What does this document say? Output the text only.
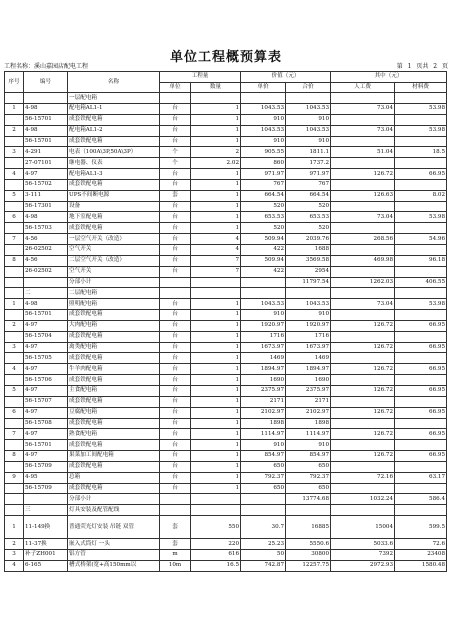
单位工程概预算表
工程名称：溪山嘉园店配电工程	第 1 页共 2 页
序号	编号	名称	工程量		价值（元）		其中（元）	
			单位	数量	单价	合价	人工费	材料费
		一层配电箱						
1	4-98	配电箱AL1-1	台	1	1043.53	1043.53	73.04	53.98
	56-15701	成套铁配电箱	台	1	910	910		
2	4-98	配电箱AL1-2	台	1	1043.53	1043.53	73.04	53.98
	56-15701	成套铁配电箱	台	1	910	910		
3	4-291	电表（100A\3P,50A\3P）	个	2	905.55	1811.1	51.04	18.5
	27-07101	继电器、仪表	个	2.02	860	1737.2		
4	4-97	配电箱AL1-3	台	1	971.97	971.97	126.72	66.95
	56-15702	成套铁配电箱	台	1	767	767		
5	3-111	UPS不间断电源	套	1	664.54	664.54	126.63	8.02
	56-17301	设备	台	1	520	520		
6	4-98	地下室配电箱	台	1	653.53	653.53	73.04	53.98
	56-15703	成套铁配电箱	台	1	520	520		
7	4-56	一层空气开关（改造）	台	4	509.94	2039.76	268.56	54.96
	26-02502	空气开关	台	4	422	1688		
8	4-56	二层空气开关（改造）	台	7	509.94	3569.58	469.98	96.18
	26-02502	空气开关	台	7	422	2954		
		分部小计				11797.54	1262.03	406.55
	二	二层配电箱						
1	4-98	照明配电箱	台	1	1043.53	1043.53	73.04	53.98
	56-15701	成套铁配电箱	台	1	910	910		
2	4-97	大肉配电箱	台	1	1920.97	1920.97	126.72	66.95
	56-15704	成套铁配电箱	台	1	1716	1716		
3	4-97	禽类配电箱	台	1	1673.97	1673.97	126.72	66.95
	56-15705	成套铁配电箱	台	1	1469	1469		
4	4-97	牛羊肉配电箱	台	1	1894.97	1894.97	126.72	66.95
	56-15706	成套铁配电箱	台	1	1690	1690		
5	4-97	主食配电箱	台	1	2375.97	2375.97	126.72	66.95
	56-15707	成套铁配电箱	台	1	2171	2171		
6	4-97	豆腐配电箱	台	1	2102.97	2102.97	126.72	66.95
	56-15708	成套铁配电箱	台	1	1898	1898		
7	4-97	熟食配电箱	台	1	1114.97	1114.97	126.72	66.95
	56-15701	成套铁配电箱	台	1	910	910		
8	4-97	果菜加工间配电箱	台	1	854.97	854.97	126.72	66.95
	56-15709	成套铁配电箱	台	1	650	650		
9	4-95	总箱	台	1	792.37	792.37	72.16	63.17
	56-15709	成套铁配电箱	台	1	650	650		
		分部小计				13774.68	1032.24	586.4
	三	灯具安装及配管配线						
1	11-149换	普通荧光灯安装 吊链 双管	套	550	30.7	16885	15004	599.5
2	11-37换	嵌入式筒灯 一头	套	220	25.23	5550.6	5033.6	72.6
3	补子ZH001	铝方管	m	616	50	30800	7392	23408
4	6-165	槽式桥架(宽+高150mm以	10m	16.5	742.87	12257.75	2972.93	1580.48
